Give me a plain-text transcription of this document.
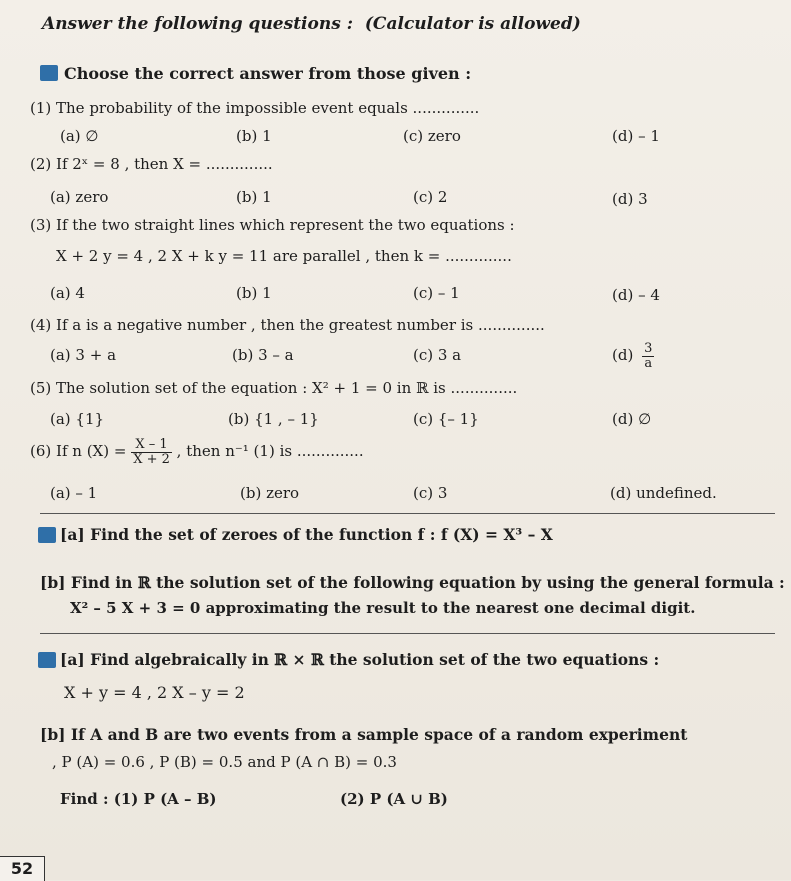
Answer the following questions : (Calculator is allowed)
Choose the correct answer from those given :
(1) The probability of the impossible event equals ..............
(a) ∅	(b) 1	(c) zero	(d) – 1
(2) If 2ˣ = 8 , then X = ..............
(a) zero	(b) 1	(c) 2	(d) 3
(3) If the two straight lines which represent the two equations :
X + 2 y = 4 , 2 X + k y = 11 are parallel , then k = ..............
(a) 4	(b) 1	(c) – 1	(d) – 4
(4) If a is a negative number , then the greatest number is ..............
(a) 3 + a	(b) 3 – a	(c) 3 a	$(d) \frac{3}{a}$
(5) The solution set of the equation : X² + 1 = 0 in ℝ is ..............
(a) {1}	(b) {1 , – 1}	(c) {– 1}	(d) ∅
(6) If n $(X) = \frac{X - 1}{X + 2}$ , then n⁻¹ (1) is ..............
(a) – 1	(b) zero	(c) 3	(d) undefined.
[a] Find the set of zeroes of the function f : f (X) = X³ – X
[b] Find in ℝ the solution set of the following equation by using the general formula :
X² – 5 X + 3 = 0 approximating the result to the nearest one decimal digit.
[a] Find algebraically in ℝ × ℝ the solution set of the two equations :
X + y = 4 , 2 X – y = 2
[b] If A and B are two events from a sample space of a random experiment
, P (A) = 0.6 , P (B) = 0.5 and P (A ∩ B) = 0.3
Find : (1) P (A – B)	(2) P (A ∪ B)
52
